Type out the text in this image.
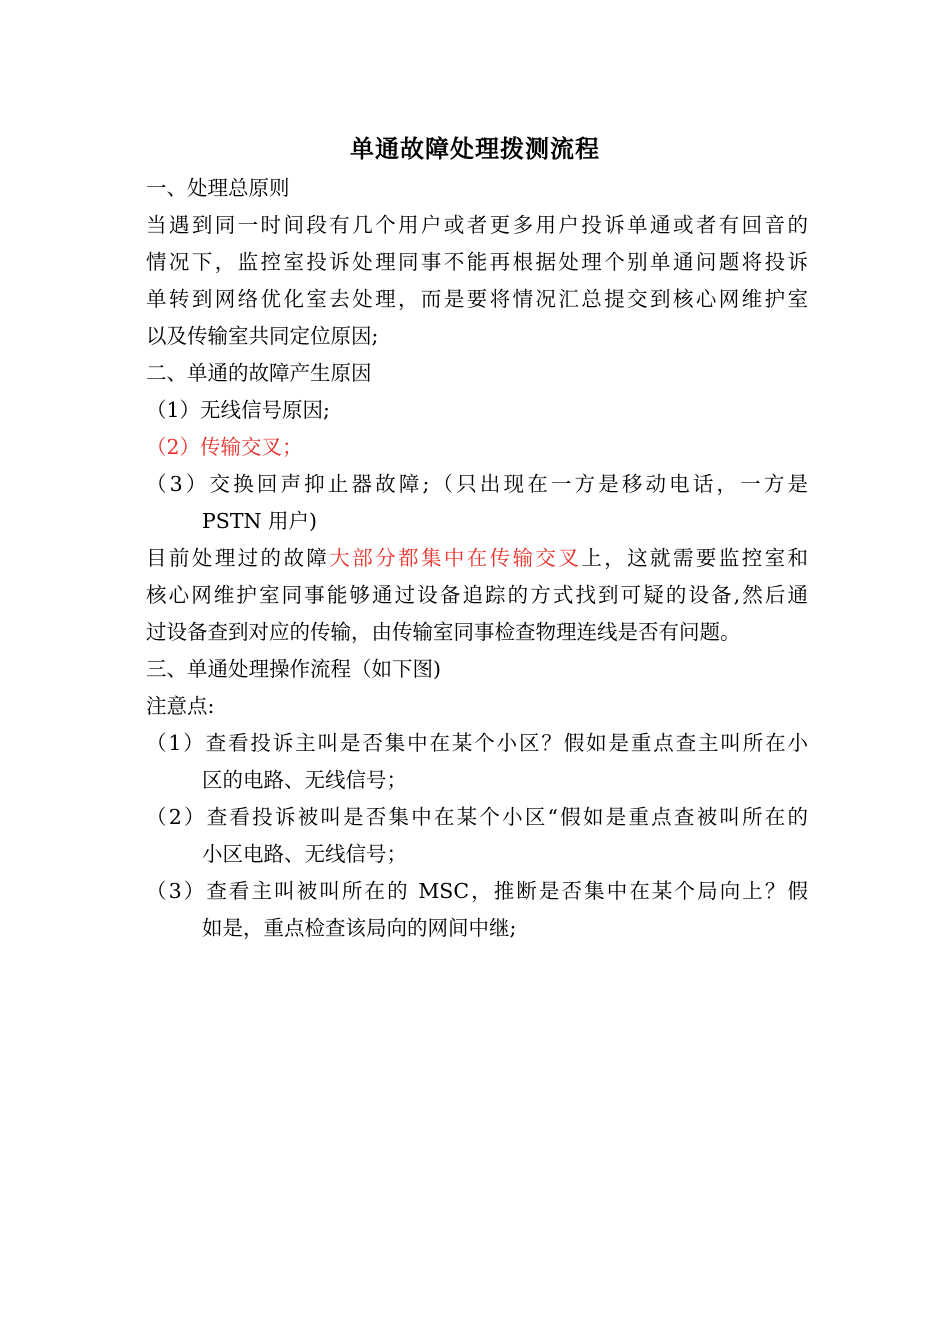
单通故障处理拨测流程
一、处理总原则
当遇到同一时间段有几个用户或者更多用户投诉单通或者有回音的
情况下，监控室投诉处理同事不能再根据处理个别单通问题将投诉
单转到网络优化室去处理，而是要将情况汇总提交到核心网维护室
以及传输室共同定位原因;
二、单通的故障产生原因
（1）无线信号原因;
（2）传输交叉；
（3）交换回声抑止器故障;（只出现在一方是移动电话，一方是
PSTN 用户)
目前处理过的故障大部分都集中在传输交叉上，这就需要监控室和
核心网维护室同事能够通过设备追踪的方式找到可疑的设备,然后通
过设备查到对应的传输，由传输室同事检查物理连线是否有问题。
三、单通处理操作流程（如下图)
注意点:
（1）查看投诉主叫是否集中在某个小区？假如是重点查主叫所在小
区的电路、无线信号；
（2）查看投诉被叫是否集中在某个小区“假如是重点查被叫所在的
小区电路、无线信号；
（3）查看主叫被叫所在的 MSC，推断是否集中在某个局向上？假
如是，重点检查该局向的网间中继;
